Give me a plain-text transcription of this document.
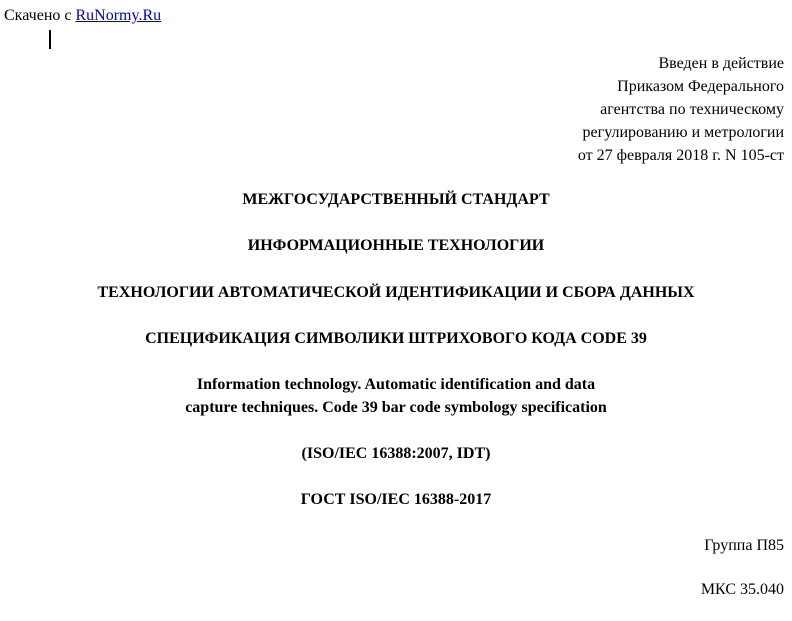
Скачено с RuNormy.Ru
Введен в действие
Приказом Федерального
агентства по техническому
регулированию и метрологии
от 27 февраля 2018 г. N 105-ст
МЕЖГОСУДАРСТВЕННЫЙ СТАНДАРТ
ИНФОРМАЦИОННЫЕ ТЕХНОЛОГИИ
ТЕХНОЛОГИИ АВТОМАТИЧЕСКОЙ ИДЕНТИФИКАЦИИ И СБОРА ДАННЫХ
СПЕЦИФИКАЦИЯ СИМВОЛИКИ ШТРИХОВОГО КОДА CODE 39
Information technology. Automatic identification and data
capture techniques. Code 39 bar code symbology specification
(ISO/IEC 16388:2007, IDT)
ГОСТ ISO/IEC 16388-2017
Группа П85
МКС 35.040
